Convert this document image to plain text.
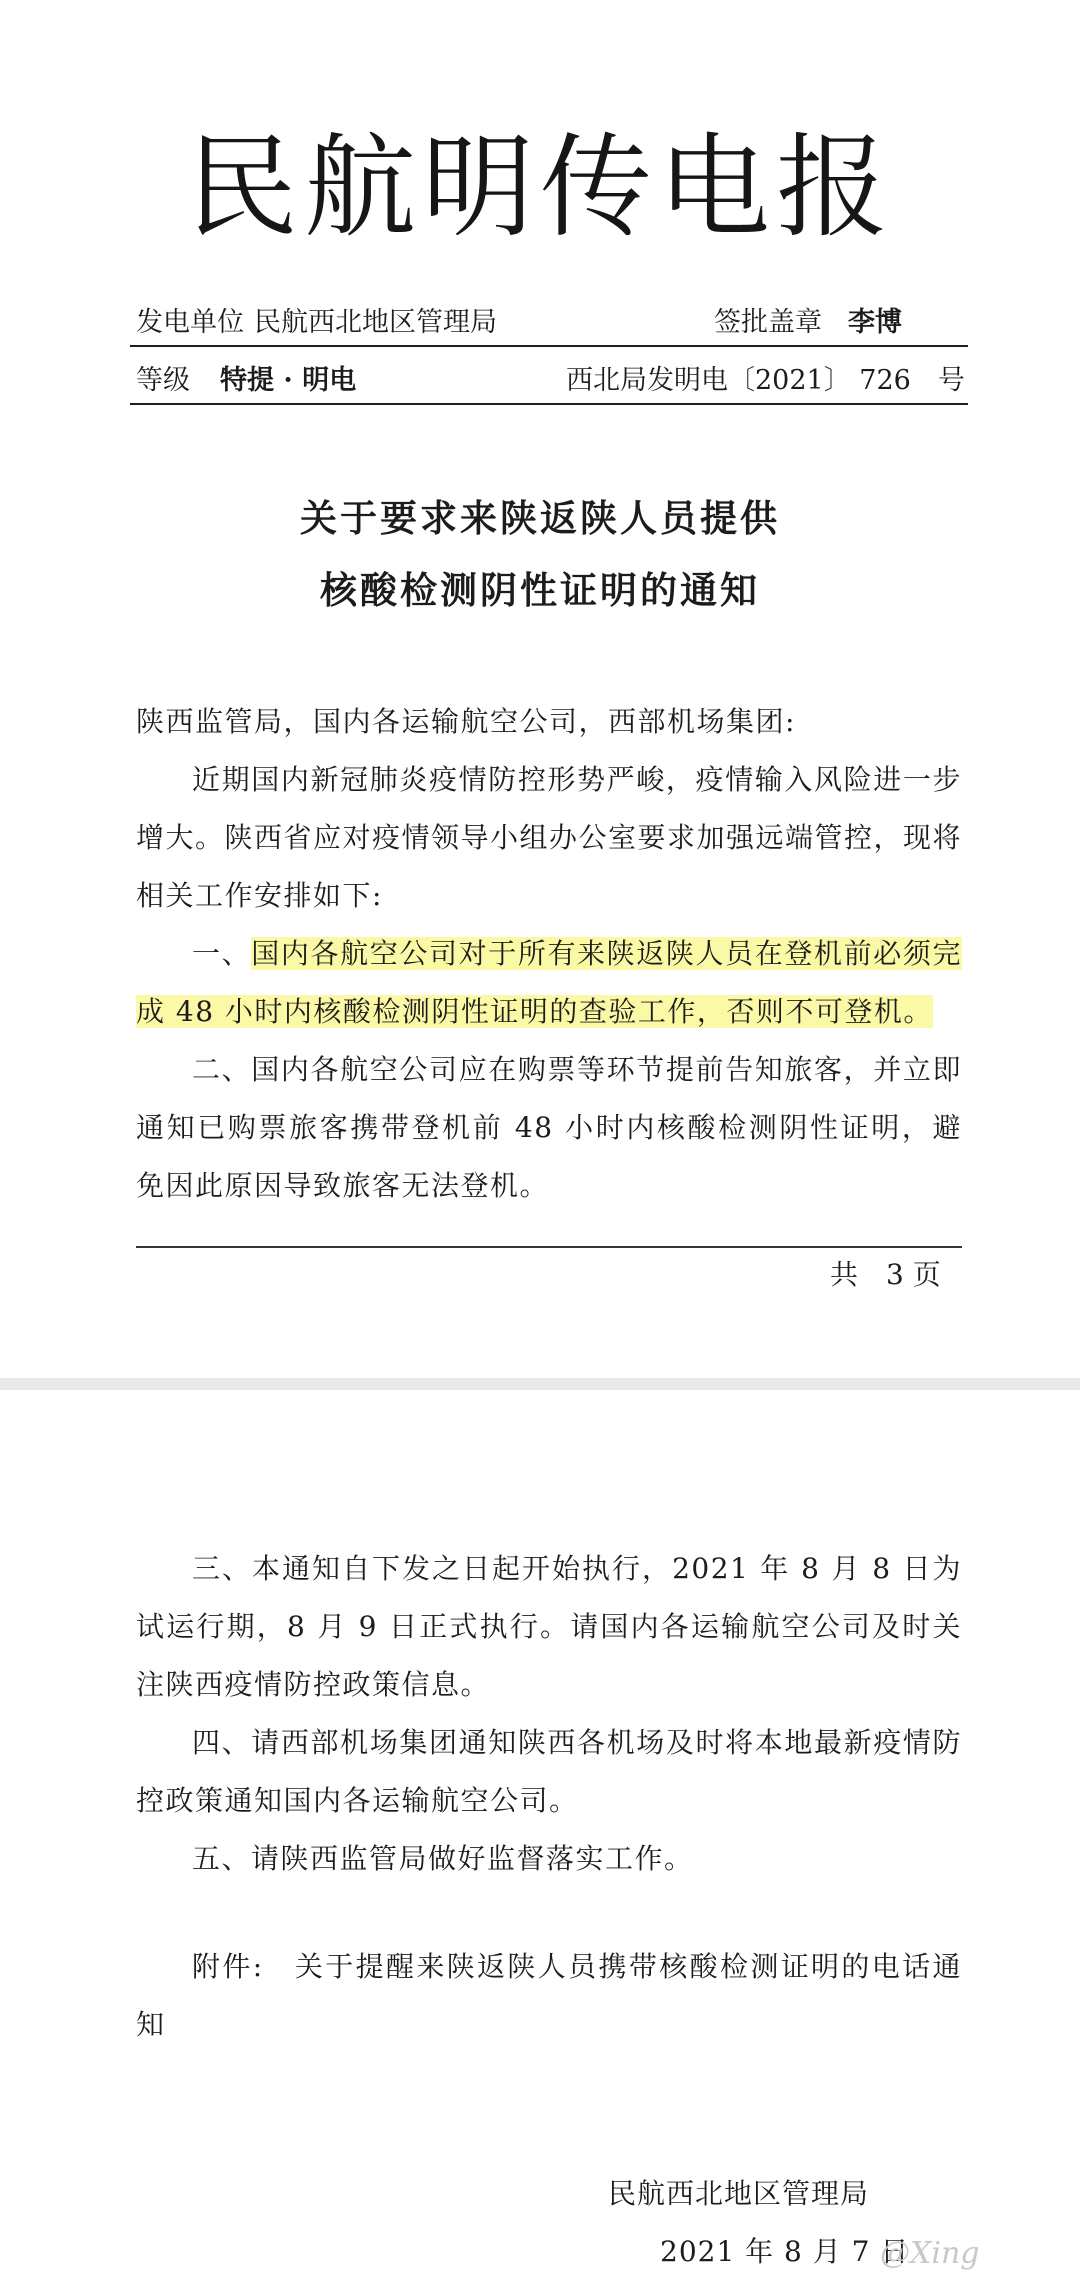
民航明传电报
发电单位 民航西北地区管理局	签批盖章 李博
等级 特提 · 明电	西北局发明电〔2021〕 726　号
关于要求来陕返陕人员提供
核酸检测阴性证明的通知
陕西监管局，国内各运输航空公司，西部机场集团:
近期国内新冠肺炎疫情防控形势严峻，疫情输入风险进一步增大。陕西省应对疫情领导小组办公室要求加强远端管控，现将相关工作安排如下:
一、国内各航空公司对于所有来陕返陕人员在登机前必须完成 48 小时内核酸检测阴性证明的查验工作，否则不可登机。
二、国内各航空公司应在购票等环节提前告知旅客，并立即通知已购票旅客携带登机前 48 小时内核酸检测阴性证明，避免因此原因导致旅客无法登机。
共　3 页
三、本通知自下发之日起开始执行，2021 年 8 月 8 日为试运行期，8 月 9 日正式执行。请国内各运输航空公司及时关注陕西疫情防控政策信息。
四、请西部机场集团通知陕西各机场及时将本地最新疫情防控政策通知国内各运输航空公司。
五、请陕西监管局做好监督落实工作。
附件:　 关于提醒来陕返陕人员携带核酸检测证明的电话通知
民航西北地区管理局
2021 年 8 月 7 日
@Xing
